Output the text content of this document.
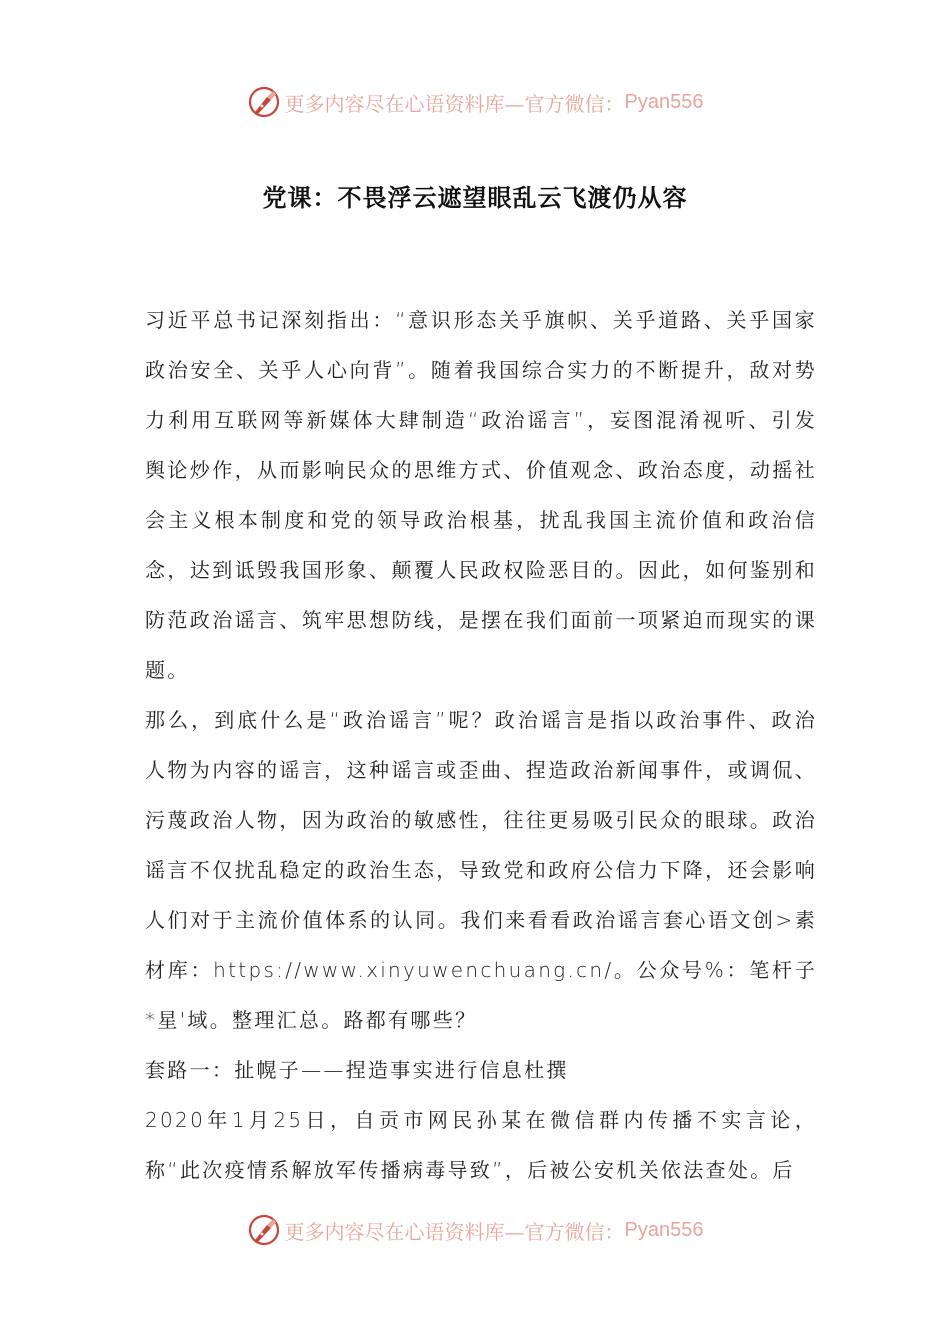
更多内容尽在心语资料库—官方微信： Pyan556
党课：不畏浮云遮望眼乱云飞渡仍从容

习近平总书记深刻指出：“意识形态关乎旗帜、关乎道路、关乎国家政治安全、关乎人心向背”。随着我国综合实力的不断提升，敌对势力利用互联网等新媒体大肆制造“政治谣言”，妄图混淆视听、引发舆论炒作，从而影响民众的思维方式、价值观念、政治态度，动摇社会主义根本制度和党的领导政治根基，扰乱我国主流价值和政治信念，达到诋毁我国形象、颠覆人民政权险恶目的。因此，如何鉴别和防范政治谣言、筑牢思想防线，是摆在我们面前一项紧迫而现实的课题。

那么，到底什么是“政治谣言”呢？政治谣言是指以政治事件、政治人物为内容的谣言，这种谣言或歪曲、捏造政治新闻事件，或调侃、污蔑政治人物，因为政治的敏感性，往往更易吸引民众的眼球。政治谣言不仅扰乱稳定的政治生态，导致党和政府公信力下降，还会影响人们对于主流价值体系的认同。我们来看看政治谣言套心语文创>素材库：https://www.xinyuwenchuang.cn/。公众号%：笔杆子*星'域。整理汇总。路都有哪些？

套路一：扯幌子——捏造事实进行信息杜撰

2020年1月25日，自贡市网民孙某在微信群内传播不实言论，称“此次疫情系解放军传播病毒导致”，后被公安机关依法查处。后

更多内容尽在心语资料库—官方微信： Pyan556
